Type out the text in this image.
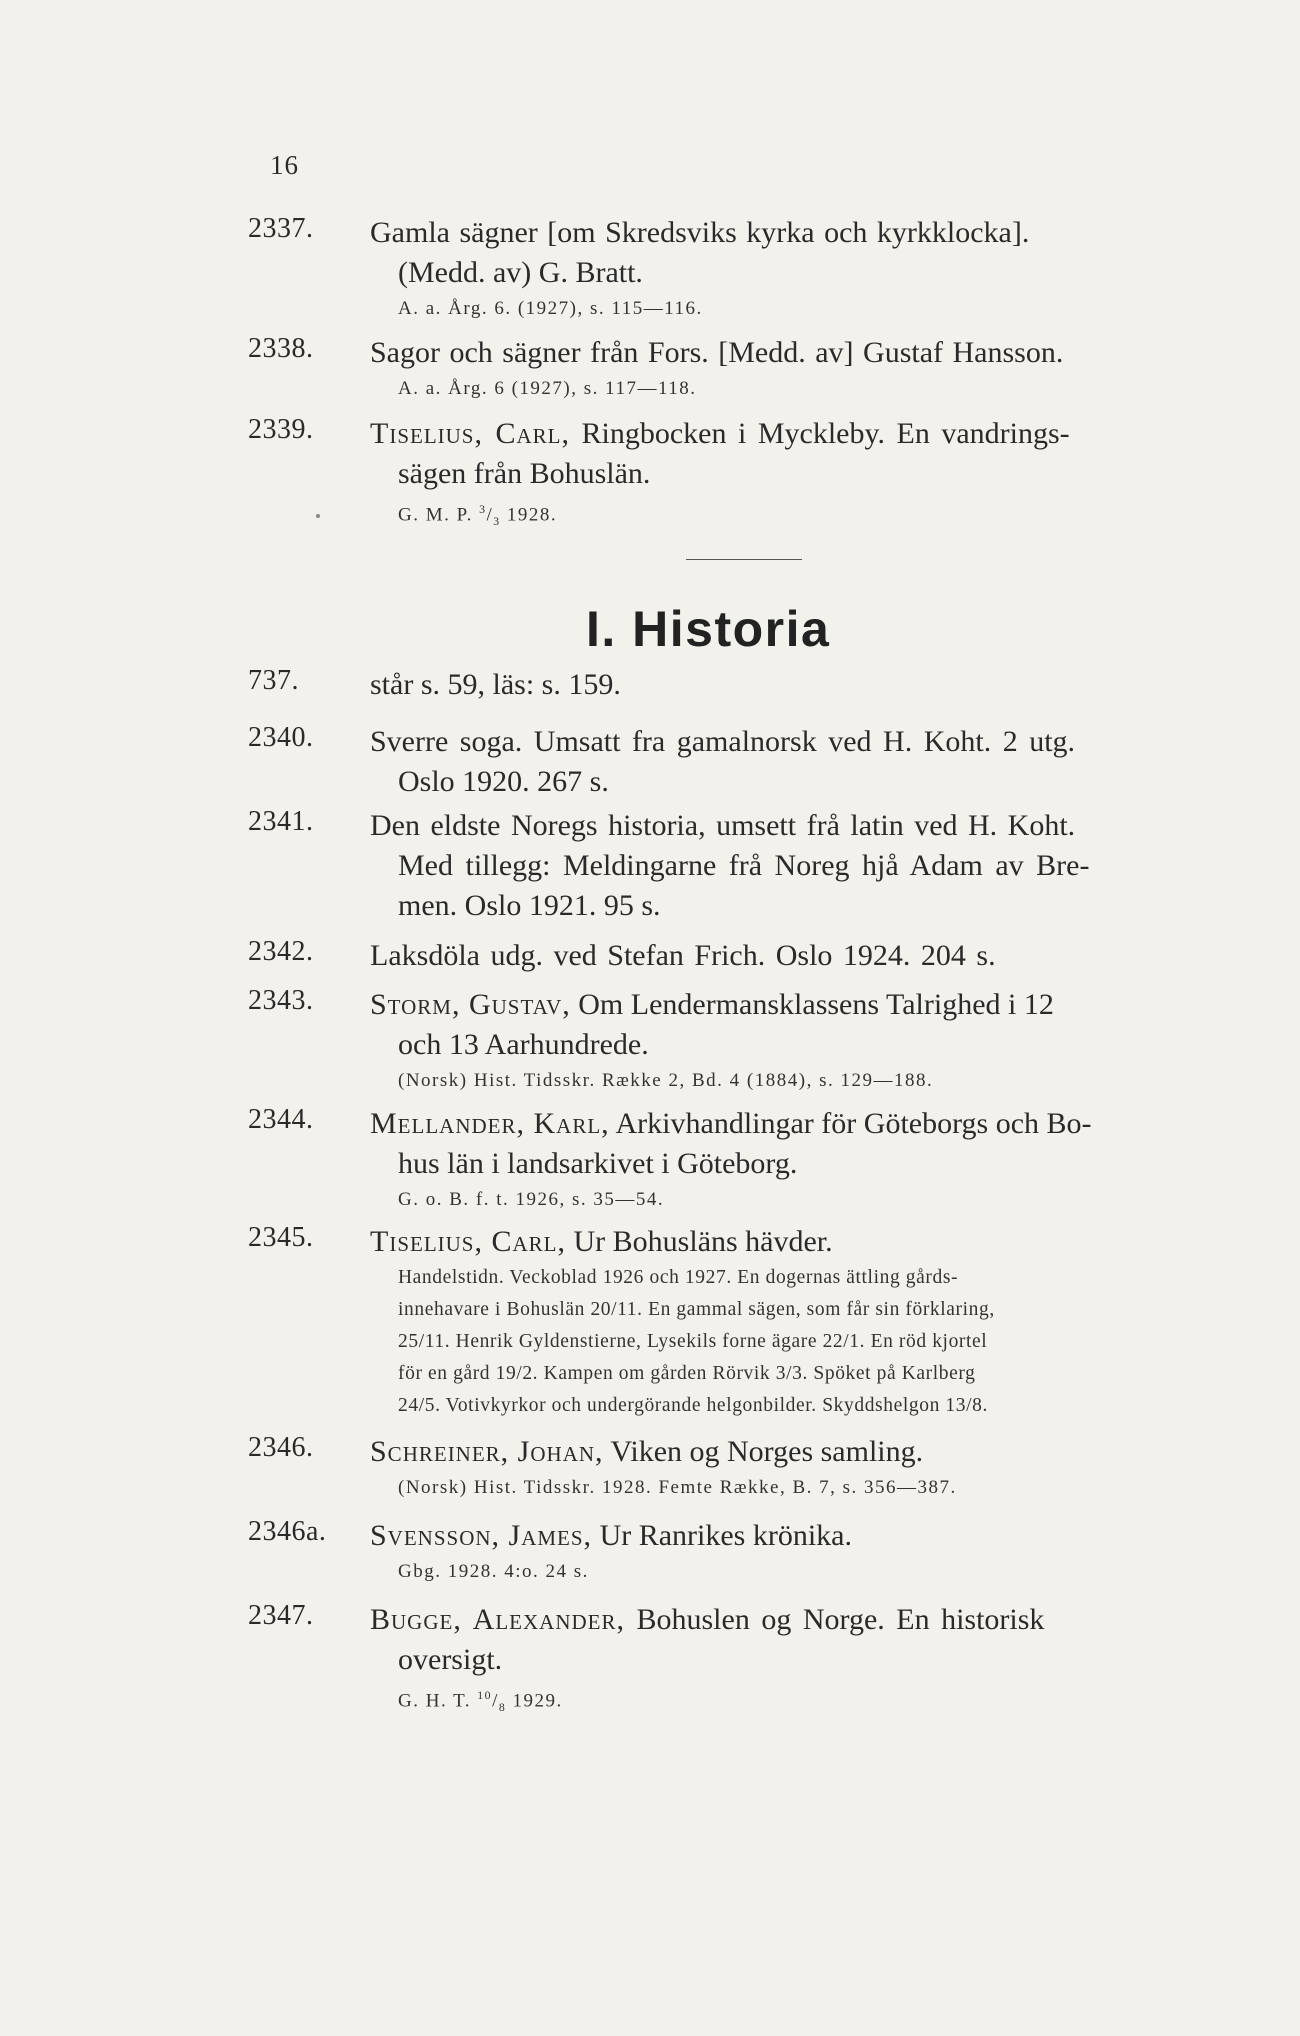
16
2337.	Gamla sägner [om Skredsviks kyrka och kyrkklocka].
(Medd. av) G. Bratt.
A. a. Årg. 6. (1927), s. 115—116.
2338.	Sagor och sägner från Fors. [Medd. av] Gustaf Hansson.
A. a. Årg. 6 (1927), s. 117—118.
2339.	Tiselius, Carl, Ringbocken i Myckleby. En vandrings-
sägen från Bohuslän.
G. M. P. $^3/_3$ 1928.
I. Historia
737.	står s. 59, läs: s. 159.
2340.	Sverre soga. Umsatt fra gamalnorsk ved H. Koht. 2 utg.
Oslo 1920. 267 s.
2341.	Den eldste Noregs historia, umsett frå latin ved H. Koht.
Med tillegg: Meldingarne frå Noreg hjå Adam av Bre-
men. Oslo 1921. 95 s.
2342.	Laksdöla udg. ved Stefan Frich. Oslo 1924. 204 s.
2343.	Storm, Gustav, Om Lendermansklassens Talrighed i 12
och 13 Aarhundrede.
(Norsk) Hist. Tidsskr. Række 2, Bd. 4 (1884), s. 129—188.
2344.	Mellander, Karl, Arkivhandlingar för Göteborgs och Bo-
hus län i landsarkivet i Göteborg.
G. o. B. f. t. 1926, s. 35—54.
2345.	Tiselius, Carl, Ur Bohusläns hävder.
Handelstidn. Veckoblad 1926 och 1927. En dogernas ättling gårds-
innehavare i Bohuslän 20/11. En gammal sägen, som får sin förklaring,
25/11. Henrik Gyldenstierne, Lysekils forne ägare 22/1. En röd kjortel
för en gård 19/2. Kampen om gården Rörvik 3/3. Spöket på Karlberg
24/5. Votivkyrkor och undergörande helgonbilder. Skyddshelgon 13/8.
2346.	Schreiner, Johan, Viken og Norges samling.
(Norsk) Hist. Tidsskr. 1928. Femte Række, B. 7, s. 356—387.
2346a.	Svensson, James, Ur Ranrikes krönika.
Gbg. 1928. 4:o. 24 s.
2347.	Bugge, Alexander, Bohuslen og Norge. En historisk
oversigt.
G. H. T. $^{10}/_8$ 1929.
